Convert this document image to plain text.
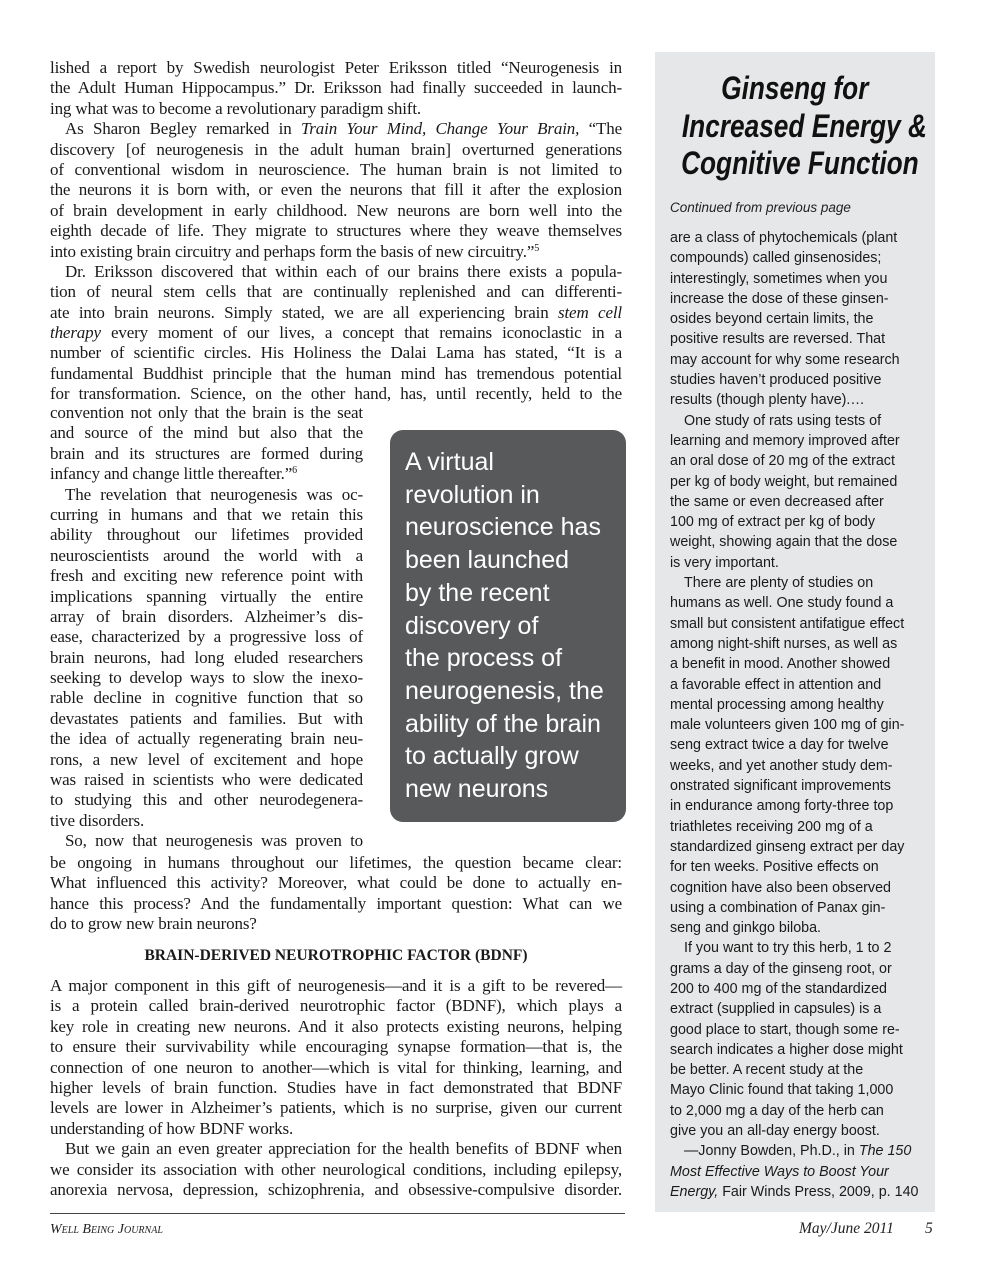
lished a report by Swedish neurologist Peter Eriksson titled “Neurogenesis in
the Adult Human Hippocampus.” Dr. Eriksson had finally succeeded in launch-
ing what was to become a revolutionary paradigm shift.
As Sharon Begley remarked in Train Your Mind, Change Your Brain, “The
discovery [of neurogenesis in the adult human brain] overturned generations
of conventional wisdom in neuroscience. The human brain is not limited to
the neurons it is born with, or even the neurons that fill it after the explosion
of brain development in early childhood. New neurons are born well into the
eighth decade of life. They migrate to structures where they weave themselves
into existing brain circuitry and perhaps form the basis of new circuitry.”$^5$
Dr. Eriksson discovered that within each of our brains there exists a popula-
tion of neural stem cells that are continually replenished and can differenti-
ate into brain neurons. Simply stated, we are all experiencing brain stem cell
therapy every moment of our lives, a concept that remains iconoclastic in a
number of scientific circles. His Holiness the Dalai Lama has stated, “It is a
fundamental Buddhist principle that the human mind has tremendous potential
for transformation. Science, on the other hand, has, until recently, held to the
convention not only that the brain is the seat
and source of the mind but also that the
brain and its structures are formed during
infancy and change little thereafter.”$^6$
The revelation that neurogenesis was oc-
curring in humans and that we retain this
ability throughout our lifetimes provided
neuroscientists around the world with a
fresh and exciting new reference point with
implications spanning virtually the entire
array of brain disorders. Alzheimer’s dis-
ease, characterized by a progressive loss of
brain neurons, had long eluded researchers
seeking to develop ways to slow the inexo-
rable decline in cognitive function that so
devastates patients and families. But with
the idea of actually regenerating brain neu-
rons, a new level of excitement and hope
was raised in scientists who were dedicated
to studying this and other neurodegenera-
tive disorders.
So, now that neurogenesis was proven to
A virtual
revolution in
neuroscience has
been launched
by the recent
discovery of
the process of
neurogenesis, the
ability of the brain
to actually grow
new neurons
be ongoing in humans throughout our lifetimes, the question became clear:
What influenced this activity? Moreover, what could be done to actually en-
hance this process? And the fundamentally important question: What can we
do to grow new brain neurons?
BRAIN-DERIVED NEUROTROPHIC FACTOR (BDNF)
A major component in this gift of neurogenesis—and it is a gift to be revered—
is a protein called brain-derived neurotrophic factor (BDNF), which plays a
key role in creating new neurons. And it also protects existing neurons, helping
to ensure their survivability while encouraging synapse formation—that is, the
connection of one neuron to another—which is vital for thinking, learning, and
higher levels of brain function. Studies have in fact demonstrated that BDNF
levels are lower in Alzheimer’s patients, which is no surprise, given our current
understanding of how BDNF works.
But we gain an even greater appreciation for the health benefits of BDNF when
we consider its association with other neurological conditions, including epilepsy,
anorexia nervosa, depression, schizophrenia, and obsessive-compulsive disorder.
Ginseng for
Increased Energy &
Cognitive Function
Continued from previous page
are a class of phytochemicals (plant
compounds) called ginsenosides;
interestingly, sometimes when you
increase the dose of these ginsen-
osides beyond certain limits, the
positive results are reversed. That
may account for why some research
studies haven’t produced positive
results (though plenty have).…
One study of rats using tests of
learning and memory improved after
an oral dose of 20 mg of the extract
per kg of body weight, but remained
the same or even decreased after
100 mg of extract per kg of body
weight, showing again that the dose
is very important.
There are plenty of studies on
humans as well. One study found a
small but consistent antifatigue effect
among night-shift nurses, as well as
a benefit in mood. Another showed
a favorable effect in attention and
mental processing among healthy
male volunteers given 100 mg of gin-
seng extract twice a day for twelve
weeks, and yet another study dem-
onstrated significant improvements
in endurance among forty-three top
triathletes receiving 200 mg of a
standardized ginseng extract per day
for ten weeks. Positive effects on
cognition have also been observed
using a combination of Panax gin-
seng and ginkgo biloba.
If you want to try this herb, 1 to 2
grams a day of the ginseng root, or
200 to 400 mg of the standardized
extract (supplied in capsules) is a
good place to start, though some re-
search indicates a higher dose might
be better. A recent study at the
Mayo Clinic found that taking 1,000
to 2,000 mg a day of the herb can
give you an all-day energy boost.
—Jonny Bowden, Ph.D., in The 150
Most Effective Ways to Boost Your
Energy, Fair Winds Press, 2009, p. 140
Well Being Journal	May/June 2011 5
